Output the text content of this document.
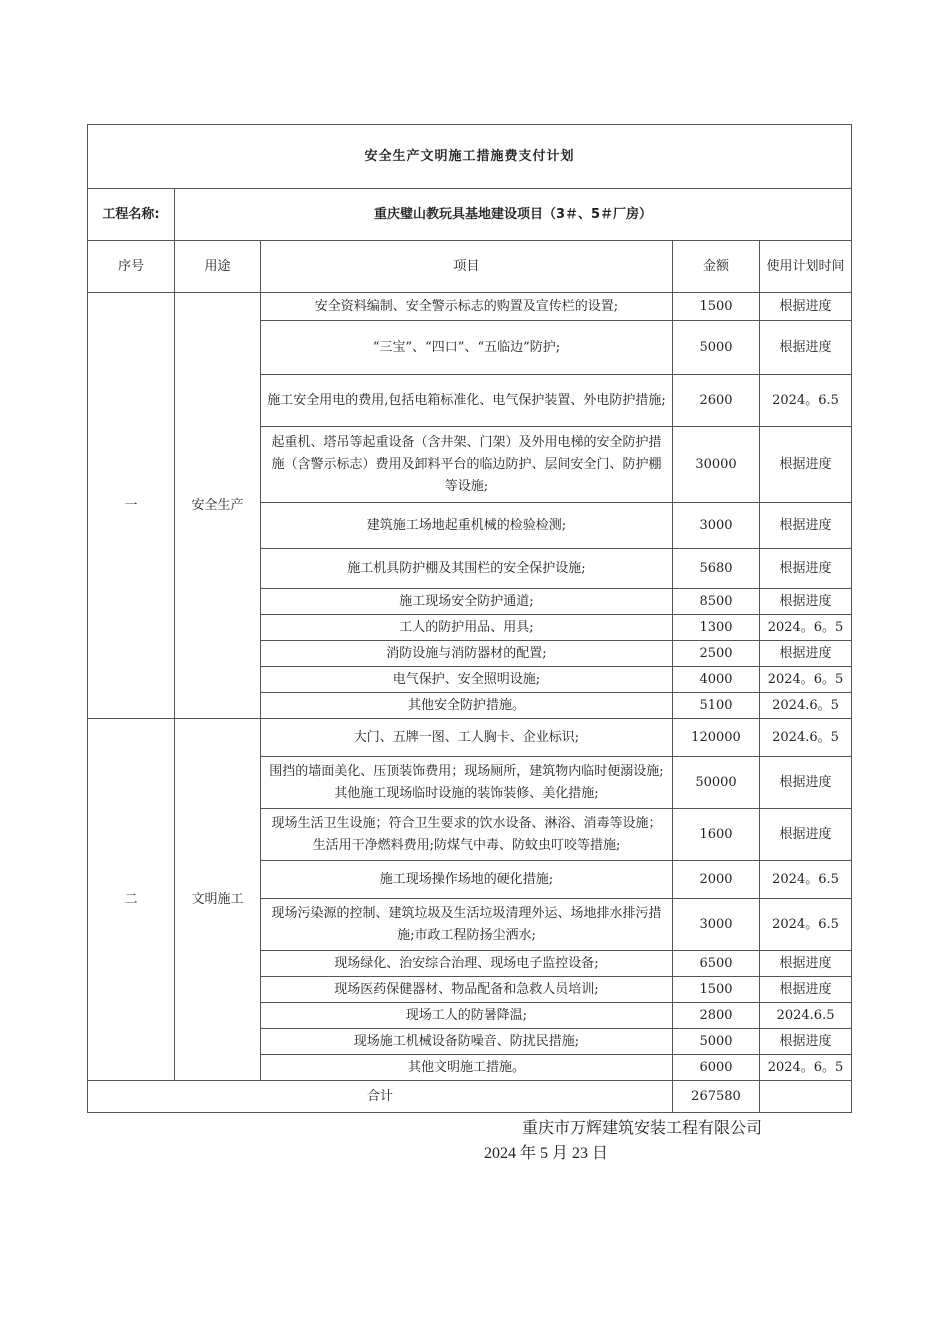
安全生产文明施工措施费支付计划				
工程名称:	重庆璧山教玩具基地建设项目（3＃、5＃厂房）			
序号	用途	项目	金额	使用计划时间
一	安全生产	安全资料编制、安全警示标志的购置及宣传栏的设置;	1500	根据进度
		“三宝”、“四口”、“五临边”防护;	5000	根据进度
		施工安全用电的费用,包括电箱标准化、电气保护装置、外电防护措施;	2600	2024。6.5
		起重机、塔吊等起重设备（含井架、门架）及外用电梯的安全防护措施（含警示标志）费用及卸料平台的临边防护、层间安全门、防护棚等设施;	30000	根据进度
		建筑施工场地起重机械的检验检测;	3000	根据进度
		施工机具防护棚及其围栏的安全保护设施;	5680	根据进度
		施工现场安全防护通道;	8500	根据进度
		工人的防护用品、用具;	1300	2024。6。5
		消防设施与消防器材的配置;	2500	根据进度
		电气保护、安全照明设施;	4000	2024。6。5
		其他安全防护措施。	5100	2024.6。5
二	文明施工	大门、五牌一图、工人胸卡、企业标识;	120000	2024.6。5
		围挡的墙面美化、压顶装饰费用；现场厕所，建筑物内临时便溺设施;其他施工现场临时设施的装饰装修、美化措施;	50000	根据进度
		现场生活卫生设施；符合卫生要求的饮水设备、淋浴、消毒等设施；生活用干净燃料费用;防煤气中毒、防蚊虫叮咬等措施;	1600	根据进度
		施工现场操作场地的硬化措施;	2000	2024。6.5
		现场污染源的控制、建筑垃圾及生活垃圾清理外运、场地排水排污措施;市政工程防扬尘洒水;	3000	2024。6.5
		现场绿化、治安综合治理、现场电子监控设备;	6500	根据进度
		现场医药保健器材、物品配备和急救人员培训;	1500	根据进度
		现场工人的防暑降温;	2800	2024.6.5
		现场施工机械设备防噪音、防扰民措施;	5000	根据进度
		其他文明施工措施。	6000	2024。6。5
合计			267580	
重庆市万辉建筑安装工程有限公司
2024 年 5 月 23 日
